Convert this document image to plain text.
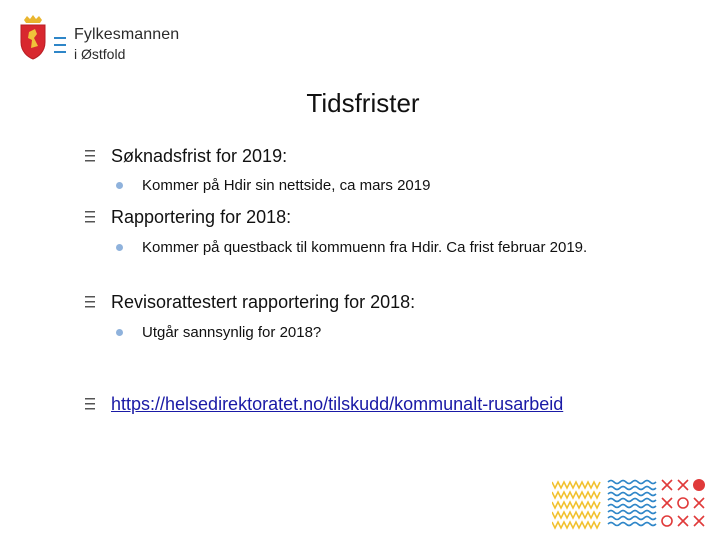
Fylkesmannen
i Østfold
Tidsfrister
Søknadsfrist for 2019:
Kommer på Hdir sin nettside, ca mars 2019
Rapportering for 2018:
Kommer på questback til kommuenn fra Hdir. Ca frist februar 2019.
Revisorattestert rapportering for 2018:
Utgår sannsynlig for 2018?
https://helsedirektoratet.no/tilskudd/kommunalt-rusarbeid
